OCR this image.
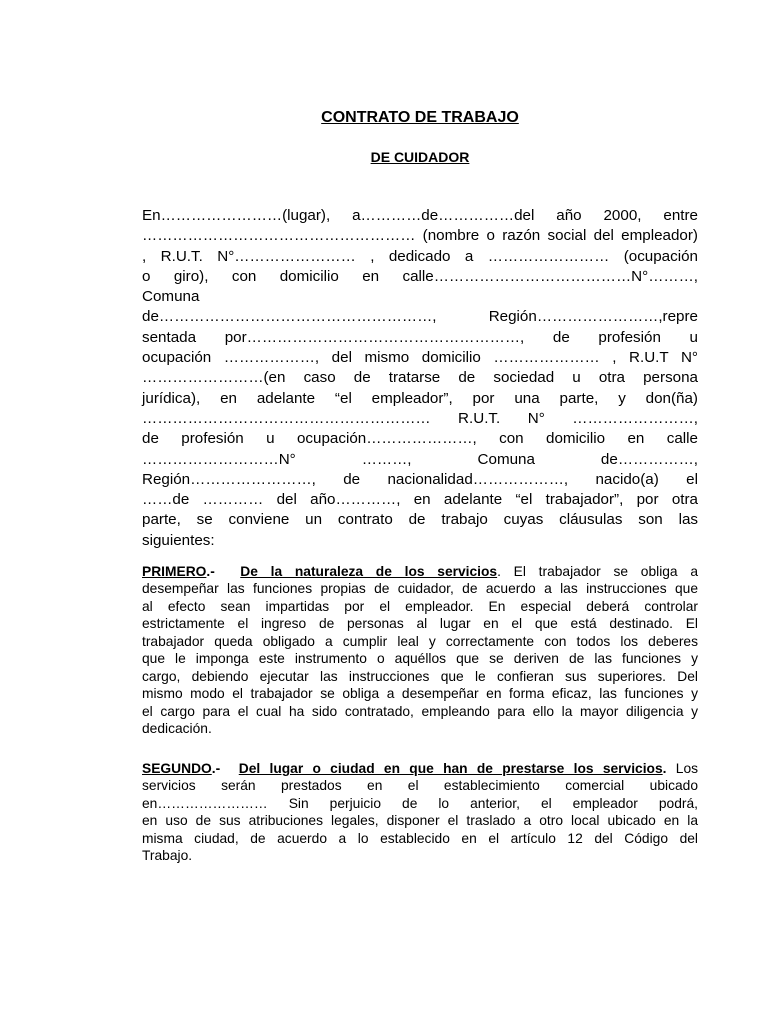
CONTRATO DE TRABAJO
DE CUIDADOR
En……………………(lugar), a…………de……………del año 2000, entre
……………………………………………… (nombre o razón social del empleador)
, R.U.T. N°…………………… , dedicado a …………………… (ocupación
o giro), con domicilio en calle…………………………………N°………,
Comuna
de………………………………………………, Región……………………,repre
sentada por………………………………………………, de profesión u
ocupación ………………, del mismo domicilio ………………… , R.U.T N°
……………………(en caso de tratarse de sociedad u otra persona
jurídica), en adelante “el empleador”, por una parte, y don(ña)
………………………………………………… R.U.T. N° ……………………,
de profesión u ocupación…………………, con domicilio en calle
………………………N° ………, Comuna de……………,
Región……………………, de nacionalidad………………, nacido(a) el
……de ………… del año…………, en adelante “el trabajador”, por otra
parte, se conviene un contrato de trabajo cuyas cláusulas son las
siguientes:
PRIMERO.- De la naturaleza de los servicios. El trabajador se obliga a
desempeñar las funciones propias de cuidador, de acuerdo a las instrucciones que
al efecto sean impartidas por el empleador. En especial deberá controlar
estrictamente el ingreso de personas al lugar en el que está destinado. El
trabajador queda obligado a cumplir leal y correctamente con todos los deberes
que le imponga este instrumento o aquéllos que se deriven de las funciones y
cargo, debiendo ejecutar las instrucciones que le confieran sus superiores. Del
mismo modo el trabajador se obliga a desempeñar en forma eficaz, las funciones y
el cargo para el cual ha sido contratado, empleando para ello la mayor diligencia y
dedicación.
SEGUNDO.- Del lugar o ciudad en que han de prestarse los servicios. Los
servicios serán prestados en el establecimiento comercial ubicado
en…………………… Sin perjuicio de lo anterior, el empleador podrá,
en uso de sus atribuciones legales, disponer el traslado a otro local ubicado en la
misma ciudad, de acuerdo a lo establecido en el artículo 12 del Código del
Trabajo.
